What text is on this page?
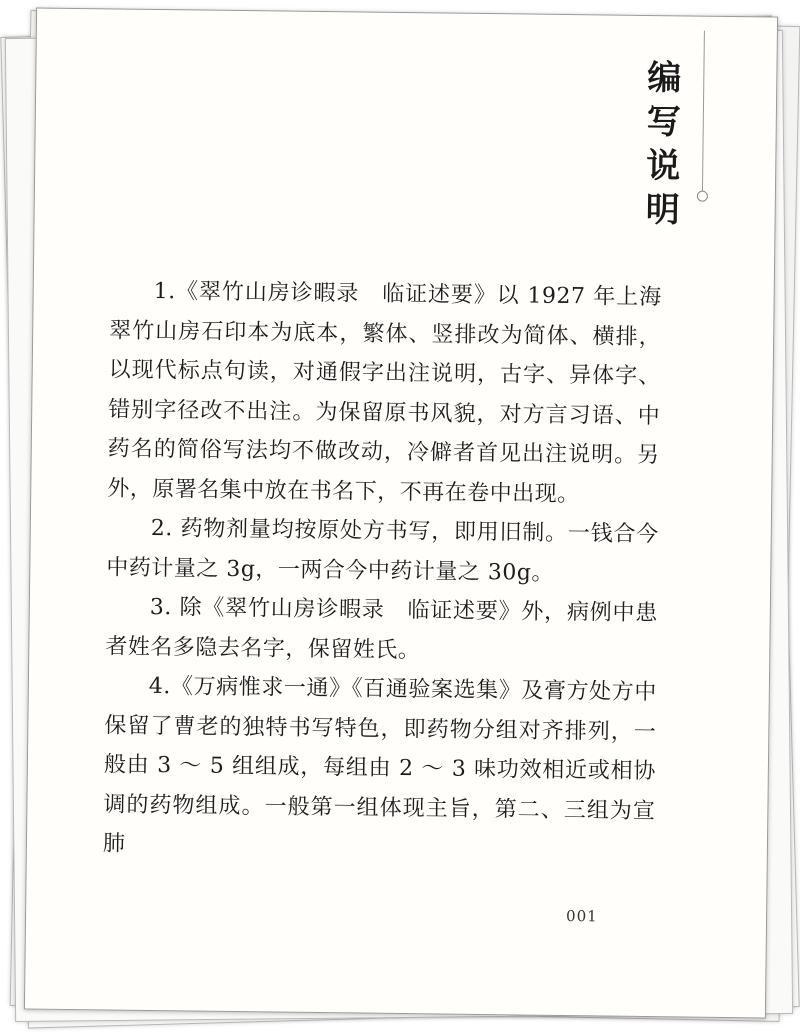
编
写
说
明

1.《翠竹山房诊暇录　临证述要》以 1927 年上海翠竹山房石印本为底本，繁体、竖排改为简体、横排，以现代标点句读，对通假字出注说明，古字、异体字、错别字径改不出注。为保留原书风貌，对方言习语、中药名的简俗写法均不做改动，冷僻者首见出注说明。另外，原署名集中放在书名下，不再在卷中出现。

2. 药物剂量均按原处方书写，即用旧制。一钱合今中药计量之 3g，一两合今中药计量之 30g。

3. 除《翠竹山房诊暇录　临证述要》外，病例中患者姓名多隐去名字，保留姓氏。

4.《万病惟求一通》《百通验案选集》及膏方处方中保留了曹老的独特书写特色，即药物分组对齐排列，一般由 3 ～ 5 组组成，每组由 2 ～ 3 味功效相近或相协调的药物组成。一般第一组体现主旨，第二、三组为宣肺

001
